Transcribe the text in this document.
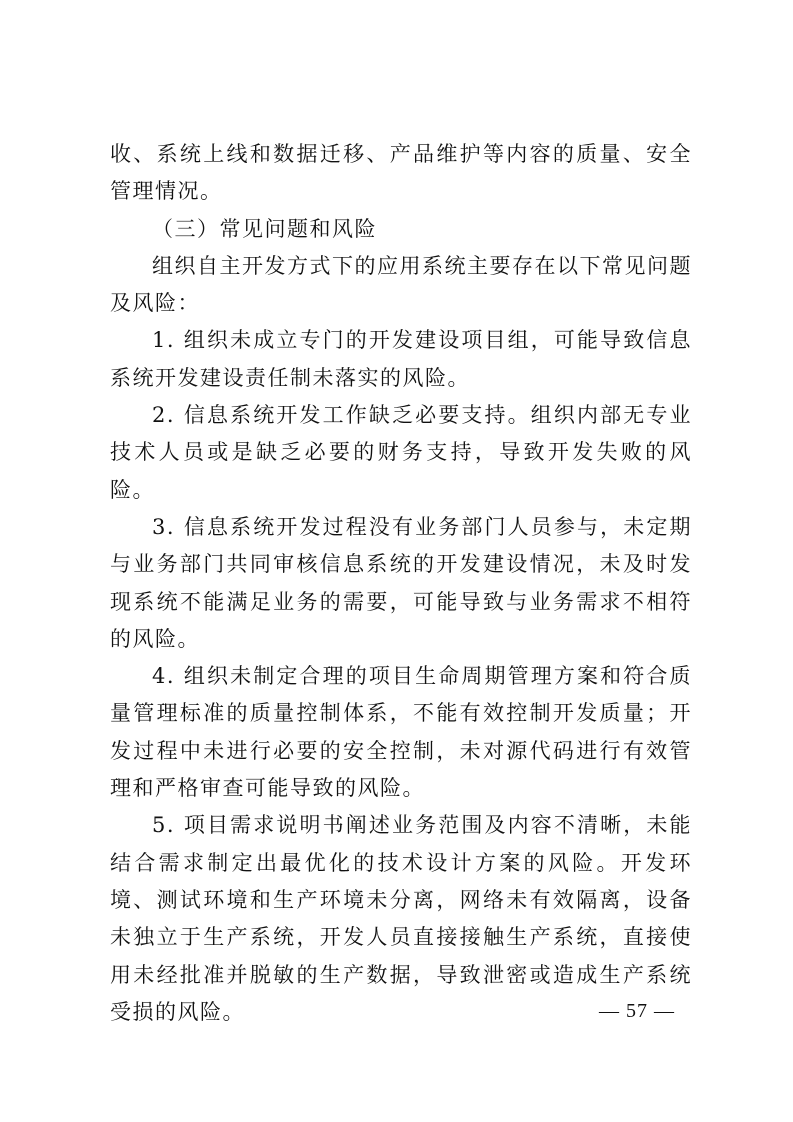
收、系统上线和数据迁移、产品维护等内容的质量、安全管理情况。

（三）常见问题和风险

组织自主开发方式下的应用系统主要存在以下常见问题及风险：

1. 组织未成立专门的开发建设项目组，可能导致信息系统开发建设责任制未落实的风险。

2. 信息系统开发工作缺乏必要支持。组织内部无专业技术人员或是缺乏必要的财务支持，导致开发失败的风险。

3. 信息系统开发过程没有业务部门人员参与，未定期与业务部门共同审核信息系统的开发建设情况，未及时发现系统不能满足业务的需要，可能导致与业务需求不相符的风险。

4. 组织未制定合理的项目生命周期管理方案和符合质量管理标准的质量控制体系，不能有效控制开发质量；开发过程中未进行必要的安全控制，未对源代码进行有效管理和严格审查可能导致的风险。

5. 项目需求说明书阐述业务范围及内容不清晰，未能结合需求制定出最优化的技术设计方案的风险。开发环境、测试环境和生产环境未分离，网络未有效隔离，设备未独立于生产系统，开发人员直接接触生产系统，直接使用未经批准并脱敏的生产数据，导致泄密或造成生产系统受损的风险。	— 57 —
